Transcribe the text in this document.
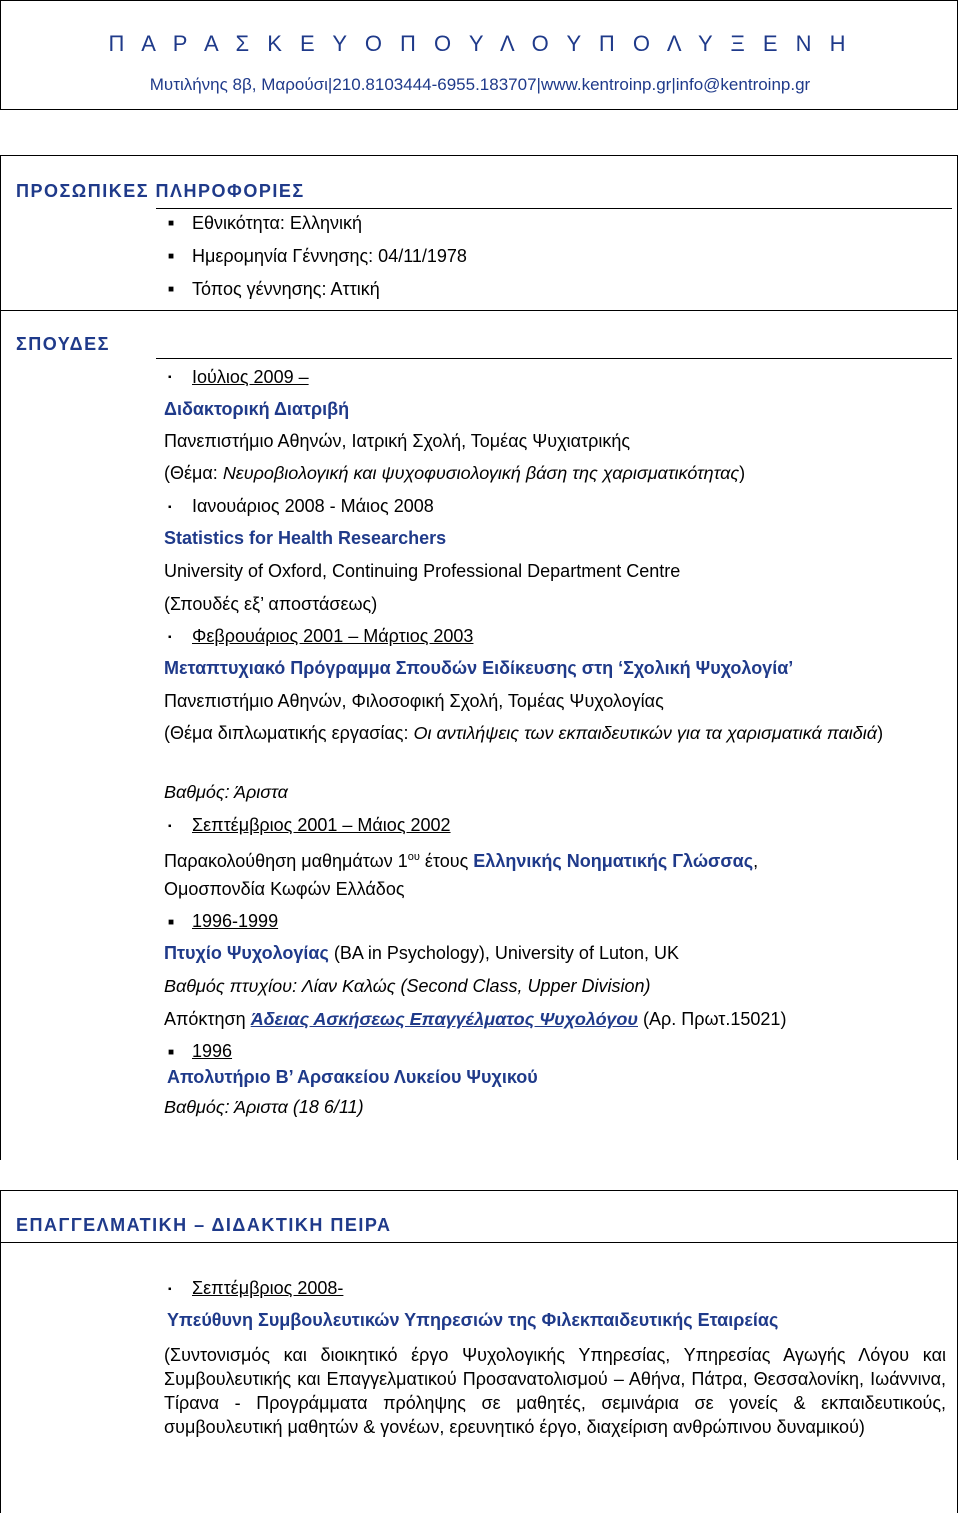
Π Α Ρ Α Σ Κ Ε Υ Ο Π Ο Υ Λ Ο Υ Π Ο Λ Υ Ξ Ε Ν Η
Μυτιλήνης 8β, Μαρούσι|210.8103444-6955.183707|www.kentroinp.gr|info@kentroinp.gr
ΠΡΟΣΩΠΙΚΕΣ ΠΛΗΡΟΦΟΡΙΕΣ
■ Εθνικότητα: Ελληνική
■ Ημερομηνία Γέννησης: 04/11/1978
■ Τόπος γέννησης: Αττική
ΣΠΟΥΔΕΣ
▪ Ιούλιος 2009 –
Διδακτορική Διατριβή
Πανεπιστήμιο Αθηνών, Ιατρική Σχολή, Τομέας Ψυχιατρικής
(Θέμα: Νευροβιολογική και ψυχοφυσιολογική βάση της χαρισματικότητας)
▪ Ιανουάριος 2008 - Μάιος 2008
Statistics for Health Researchers
University of Oxford, Continuing Professional Department Centre
(Σπουδές εξ’ αποστάσεως)
▪ Φεβρουάριος 2001 – Μάρτιος 2003
Μεταπτυχιακό Πρόγραμμα Σπουδών Ειδίκευσης στη ‘Σχολική Ψυχολογία’
Πανεπιστήμιο Αθηνών, Φιλοσοφική Σχολή, Τομέας Ψυχολογίας
(Θέμα διπλωματικής εργασίας: Οι αντιλήψεις των εκπαιδευτικών για τα χαρισματικά παιδιά)
Βαθμός: Άριστα
▪ Σεπτέμβριος 2001 – Μάιος 2002
Παρακολούθηση μαθημάτων $1^{o\upsilon}$ έτους Ελληνικής Νοηματικής Γλώσσας,
Ομοσπονδία Κωφών Ελλάδος
■ 1996-1999
Πτυχίο Ψυχολογίας (BA in Psychology), University of Luton, UK
Βαθμός πτυχίου: Λίαν Καλώς (Second Class, Upper Division)
Απόκτηση Άδειας Ασκήσεως Επαγγέλματος Ψυχολόγου (Αρ. Πρωτ.15021)
■ 1996
Απολυτήριο Β’ Αρσακείου Λυκείου Ψυχικού
Βαθμός: Άριστα (18 6/11)
ΕΠΑΓΓΕΛΜΑΤΙΚΗ – ΔΙΔΑΚΤΙΚΗ ΠΕΙΡΑ
▪ Σεπτέμβριος 2008-
Υπεύθυνη Συμβουλευτικών Υπηρεσιών της Φιλεκπαιδευτικής Εταιρείας
(Συντονισμός και διοικητικό έργο Ψυχολογικής Υπηρεσίας, Υπηρεσίας Αγωγής Λόγου και Συμβουλευτικής και Επαγγελματικού Προσανατολισμού – Αθήνα, Πάτρα, Θεσσαλονίκη, Ιωάννινα, Τίρανα - Προγράμματα πρόληψης σε μαθητές, σεμινάρια σε γονείς & εκπαιδευτικούς, συμβουλευτική μαθητών & γονέων, ερευνητικό έργο, διαχείριση ανθρώπινου δυναμικού)
